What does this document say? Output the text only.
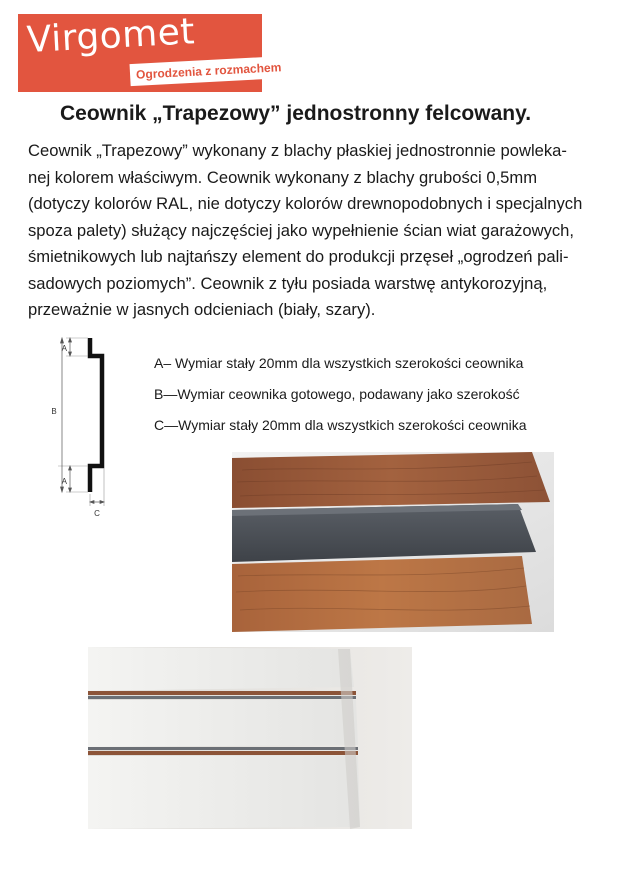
Virgomet
Ogrodzenia z rozmachem
Ceownik „Trapezowy” jednostronny felcowany.
Ceownik „Trapezowy” wykonany z blachy płaskiej jednostronnie powleka-
nej kolorem właściwym. Ceownik wykonany z blachy grubości 0,5mm
(dotyczy kolorów RAL, nie dotyczy kolorów drewnopodobnych i specjalnych
spoza palety) służący najczęściej jako wypełnienie ścian wiat garażowych,
śmietnikowych lub najtańszy element do produkcji przęseł „ogrodzeń pali-
sadowych poziomych”. Ceownik z tyłu posiada warstwę antykorozyjną,
przeważnie w jasnych odcieniach (biały, szary).
A
B
A
C
A– Wymiar stały 20mm dla wszystkich szerokości ceownika
B—Wymiar ceownika gotowego, podawany jako szerokość
C—Wymiar stały 20mm dla wszystkich szerokości ceownika
